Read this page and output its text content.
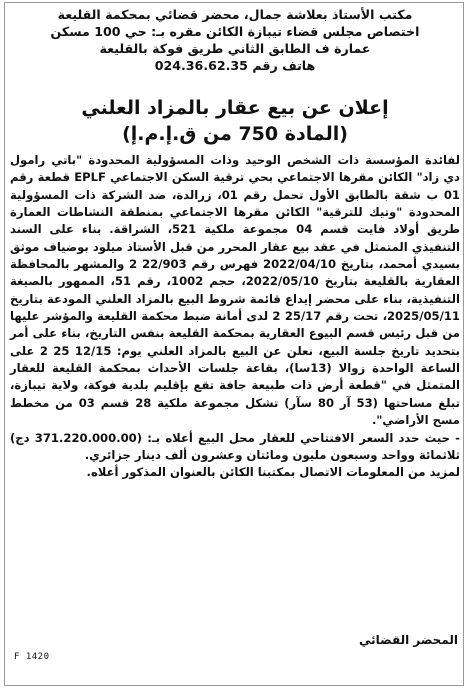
مكتب الأستاذ بعلاشة جمال، محضر قضائي بمحكمة القليعة
اختصاص مجلس قضاء تيبازة الكائن مقره بـ: حي 100 مسكن
عمارة ف الطابق الثاني طريق فوكة بالقليعة
هاتف رقم 024.36.62.35
إعلان عن بيع عقار بالمزاد العلني
(المادة 750 من ق.إ.م.إ)

لفائدة المؤسسة ذات الشخص الوحيد وذات المسؤولية المحدودة "باتي رامول دي زاد" الكائن مقرها الاجتماعي بحي ترقية السكن الاجتماعي EPLF قطعة رقم 01 ب شقة بالطابق الأول تحمل رقم 01، زرالدة، ضد الشركة ذات المسؤولية المحدودة "وتيك للترقية" الكائن مقرها الاجتماعي بمنطقة النشاطات العمارة طريق أولاد فايت قسم 04 مجموعة ملكية 521، الشراقة. بناء على السند التنفيذي المتمثل في عقد بيع عقار المحرر من قبل الأستاذ ميلود بوضياف موثق بسيدي أمحمد، بتاريخ 2022/04/10 فهرس رقم 22/903 2 والمشهر بالمحافظة العقارية بالقليعة بتاريخ 2022/05/10، حجم 1002، رقم 51، الممهور بالصيغة التنفيذية، بناء على محضر إيداع قائمة شروط البيع بالمزاد العلني المودعة بتاريخ 2025/05/11، تحت رقم 25/17 2 لدى أمانة ضبط محكمة القليعة والمؤشر عليها من قبل رئيس قسم البيوع العقارية بمحكمة القليعة بنفس التاريخ، بناء على أمر بتحديد تاريخ جلسة البيع، نعلن عن البيع بالمزاد العلني يوم: 12/15 25 2 على الساعة الواحدة زوالا (13سا)، بقاعة جلسات الأحداث بمحكمة القليعة للعقار المتمثل في "قطعة أرض ذات طبيعة جافة تقع بإقليم بلدية فوكة، ولاية تيبازة، تبلغ مساحتها (53 آر 80 سآر) تشكل مجموعة ملكية 28 قسم 03 من مخطط مسح الأراضي".

- حيث حدد السعر الافتتاحي للعقار محل البيع أعلاه بـ: (371.220.000.00 دج) ثلاثمائة وواحد وسبعون مليون ومائتان وعشرون ألف دينار جزائري.

لمزيد من المعلومات الاتصال بمكتبنا الكائن بالعنوان المذكور أعلاه.

المحضر القضائي
F 1420
